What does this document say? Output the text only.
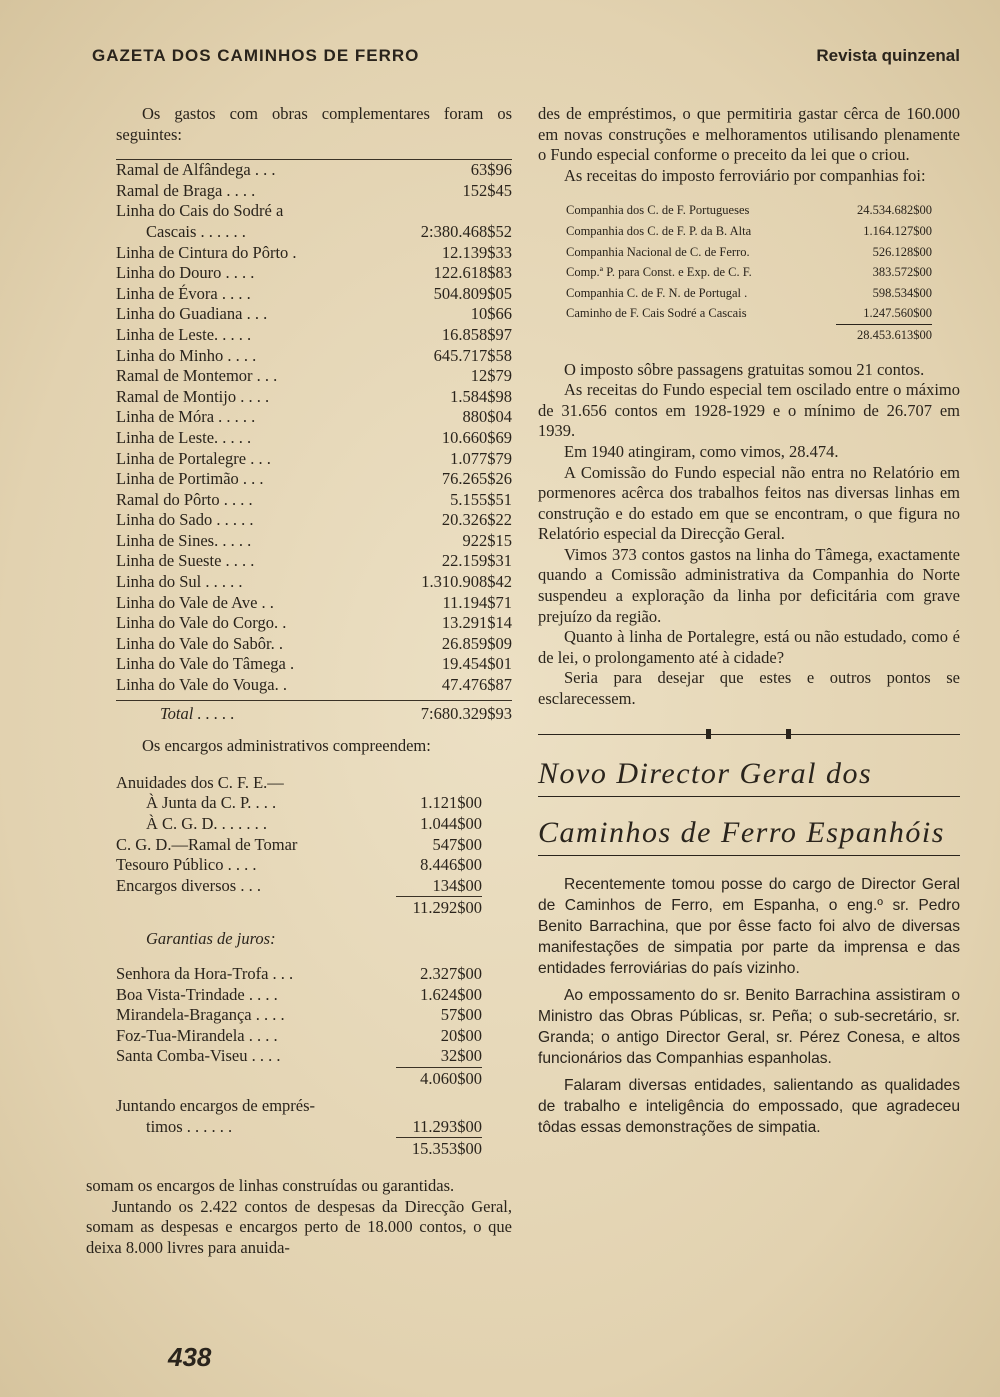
GAZETA DOS CAMINHOS DE FERRO	Revista quinzenal

Os gastos com obras complementares foram os seguintes:

Ramal de Alfândega . . .	63$96
Ramal de Braga . . . .	152$45
Linha do Cais do Sodré a
Cascais . . . . . .	2:380.468$52
Linha de Cintura do Pôrto .	12.139$33
Linha do Douro . . . .	122.618$83
Linha de Évora . . . .	504.809$05
Linha do Guadiana . . .	10$66
Linha de Leste. . . . .	16.858$97
Linha do Minho . . . .	645.717$58
Ramal de Montemor . . .	12$79
Ramal de Montijo . . . .	1.584$98
Linha de Móra . . . . .	880$04
Linha de Leste. . . . .	10.660$69
Linha de Portalegre . . .	1.077$79
Linha de Portimão . . .	76.265$26
Ramal do Pôrto . . . .	5.155$51
Linha do Sado . . . . .	20.326$22
Linha de Sines. . . . .	922$15
Linha de Sueste . . . .	22.159$31
Linha do Sul . . . . .	1.310.908$42
Linha do Vale de Ave . .	11.194$71
Linha do Vale do Corgo. .	13.291$14
Linha do Vale do Sabôr. .	26.859$09
Linha do Vale do Tâmega .	19.454$01
Linha do Vale do Vouga. .	47.476$87
Total . . . . .	7:680.329$93

Os encargos administrativos compreendem:

Anuidades dos C. F. E.—
À Junta da C. P. . . .	1.121$00
À C. G. D. . . . . . .	1.044$00
C. G. D.—Ramal de Tomar	547$00
Tesouro Público . . . .	8.446$00
Encargos diversos . . .	134$00
11.292$00
Garantias de juros:
Senhora da Hora-Trofa . . .	2.327$00
Boa Vista-Trindade . . . .	1.624$00
Mirandela-Bragança . . . .	57$00
Foz-Tua-Mirandela . . . .	20$00
Santa Comba-Viseu . . . .	32$00
4.060$00
Juntando encargos de emprés-
timos . . . . . .	11.293$00
15.353$00

somam os encargos de linhas construídas ou garantidas.

Juntando os 2.422 contos de despesas da Direcção Geral, somam as despesas e encargos perto de 18.000 contos, o que deixa 8.000 livres para anuida-

des de empréstimos, o que permitiria gastar cêrca de 160.000 em novas construções e melhoramentos utilisando plenamente o Fundo especial conforme o preceito da lei que o criou.

As receitas do imposto ferroviário por companhias foi:

Companhia dos C. de F. Portugueses	24.534.682$00
Companhia dos C. de F. P. da B. Alta	1.164.127$00
Companhia Nacional de C. de Ferro.	526.128$00
Comp.ª P. para Const. e Exp. de C. F.	383.572$00
Companhia C. de F. N. de Portugal .	598.534$00
Caminho de F. Cais Sodré a Cascais	1.247.560$00
28.453.613$00

O imposto sôbre passagens gratuitas somou 21 contos.

As receitas do Fundo especial tem oscilado entre o máximo de 31.656 contos em 1928-1929 e o mínimo de 26.707 em 1939.

Em 1940 atingiram, como vimos, 28.474.

A Comissão do Fundo especial não entra no Relatório em pormenores acêrca dos trabalhos feitos nas diversas linhas em construção e do estado em que se encontram, o que figura no Relatório especial da Direcção Geral.

Vimos 373 contos gastos na linha do Tâmega, exactamente quando a Comissão administrativa da Companhia do Norte suspendeu a exploração da linha por deficitária com grave prejuízo da região.

Quanto à linha de Portalegre, está ou não estudado, como é de lei, o prolongamento até à cidade?

Seria para desejar que estes e outros pontos se esclarecessem.

Novo Director Geral dos
Caminhos de Ferro Espanhóis

Recentemente tomou posse do cargo de Director Geral de Caminhos de Ferro, em Espanha, o eng.º sr. Pedro Benito Barrachina, que por êsse facto foi alvo de diversas manifestações de simpatia por parte da imprensa e das entidades ferroviárias do país vizinho.

Ao empossamento do sr. Benito Barrachina assistiram o Ministro das Obras Públicas, sr. Peña; o sub-secretário, sr. Granda; o antigo Director Geral, sr. Pérez Conesa, e altos funcionários das Companhias espanholas.

Falaram diversas entidades, salientando as qualidades de trabalho e inteligência do empossado, que agradeceu tôdas essas demonstrações de simpatia.

438
